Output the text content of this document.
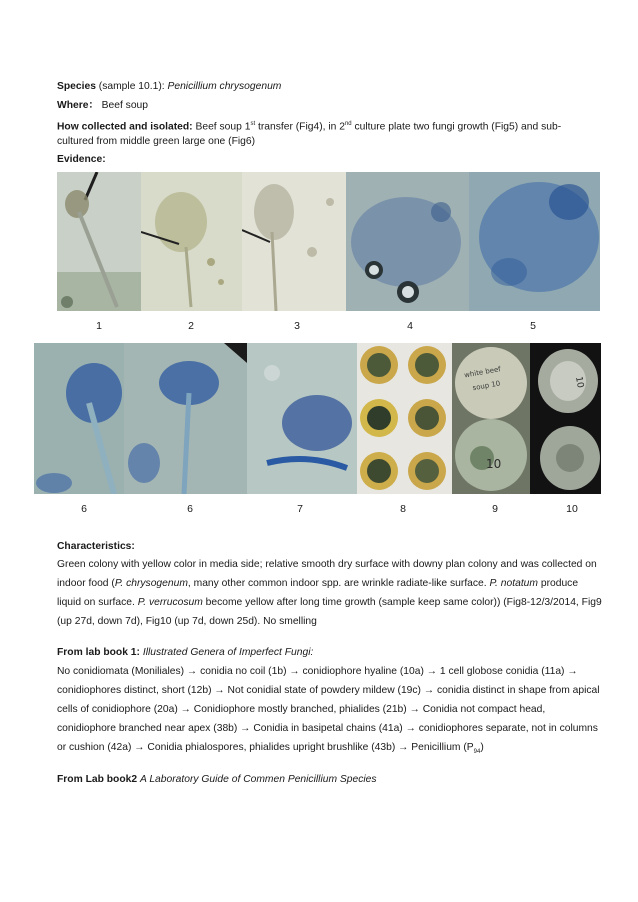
Species (sample 10.1): Penicillium chrysogenum
Where： Beef soup
How collected and isolated: Beef soup 1st transfer (Fig4), in 2nd culture plate two fungi growth (Fig5) and sub-
cultured from middle green large one (Fig6)
Evidence:
1	2	3	4	5
white beef
soup 10
10
10
6	6	7	8	9	10
Characteristics:
Green colony with yellow color in media side; relative smooth dry surface with downy plan colony and was collected on indoor food (P. chrysogenum, many other common indoor spp. are wrinkle radiate-like surface. P. notatum produce liquid on surface. P. verrucosum become yellow after long time growth (sample keep same color)) (Fig8-12/3/2014, Fig9 (up 27d, down 7d), Fig10 (up 7d, down 25d). No smelling
From lab book 1: Illustrated Genera of Imperfect Fungi:
No conidiomata (Moniliales) → conidia no coil (1b) → conidiophore hyaline (10a) → 1 cell globose conidia (11a) → conidiophores distinct, short (12b) → Not conidial state of powdery mildew (19c) → conidia distinct in shape from apical cells of conidiophore (20a) → Conidiophore mostly branched, phialides (21b) → Conidia not compact head, conidiophore branched near apex (38b) → Conidia in basipetal chains (41a) → conidiophores separate, not in columns or cushion (42a) → Conidia phialospores, phialides upright brushlike (43b) → Penicillium $(P_{94})$
From Lab book2 A Laboratory Guide of Commen Penicillium Species
